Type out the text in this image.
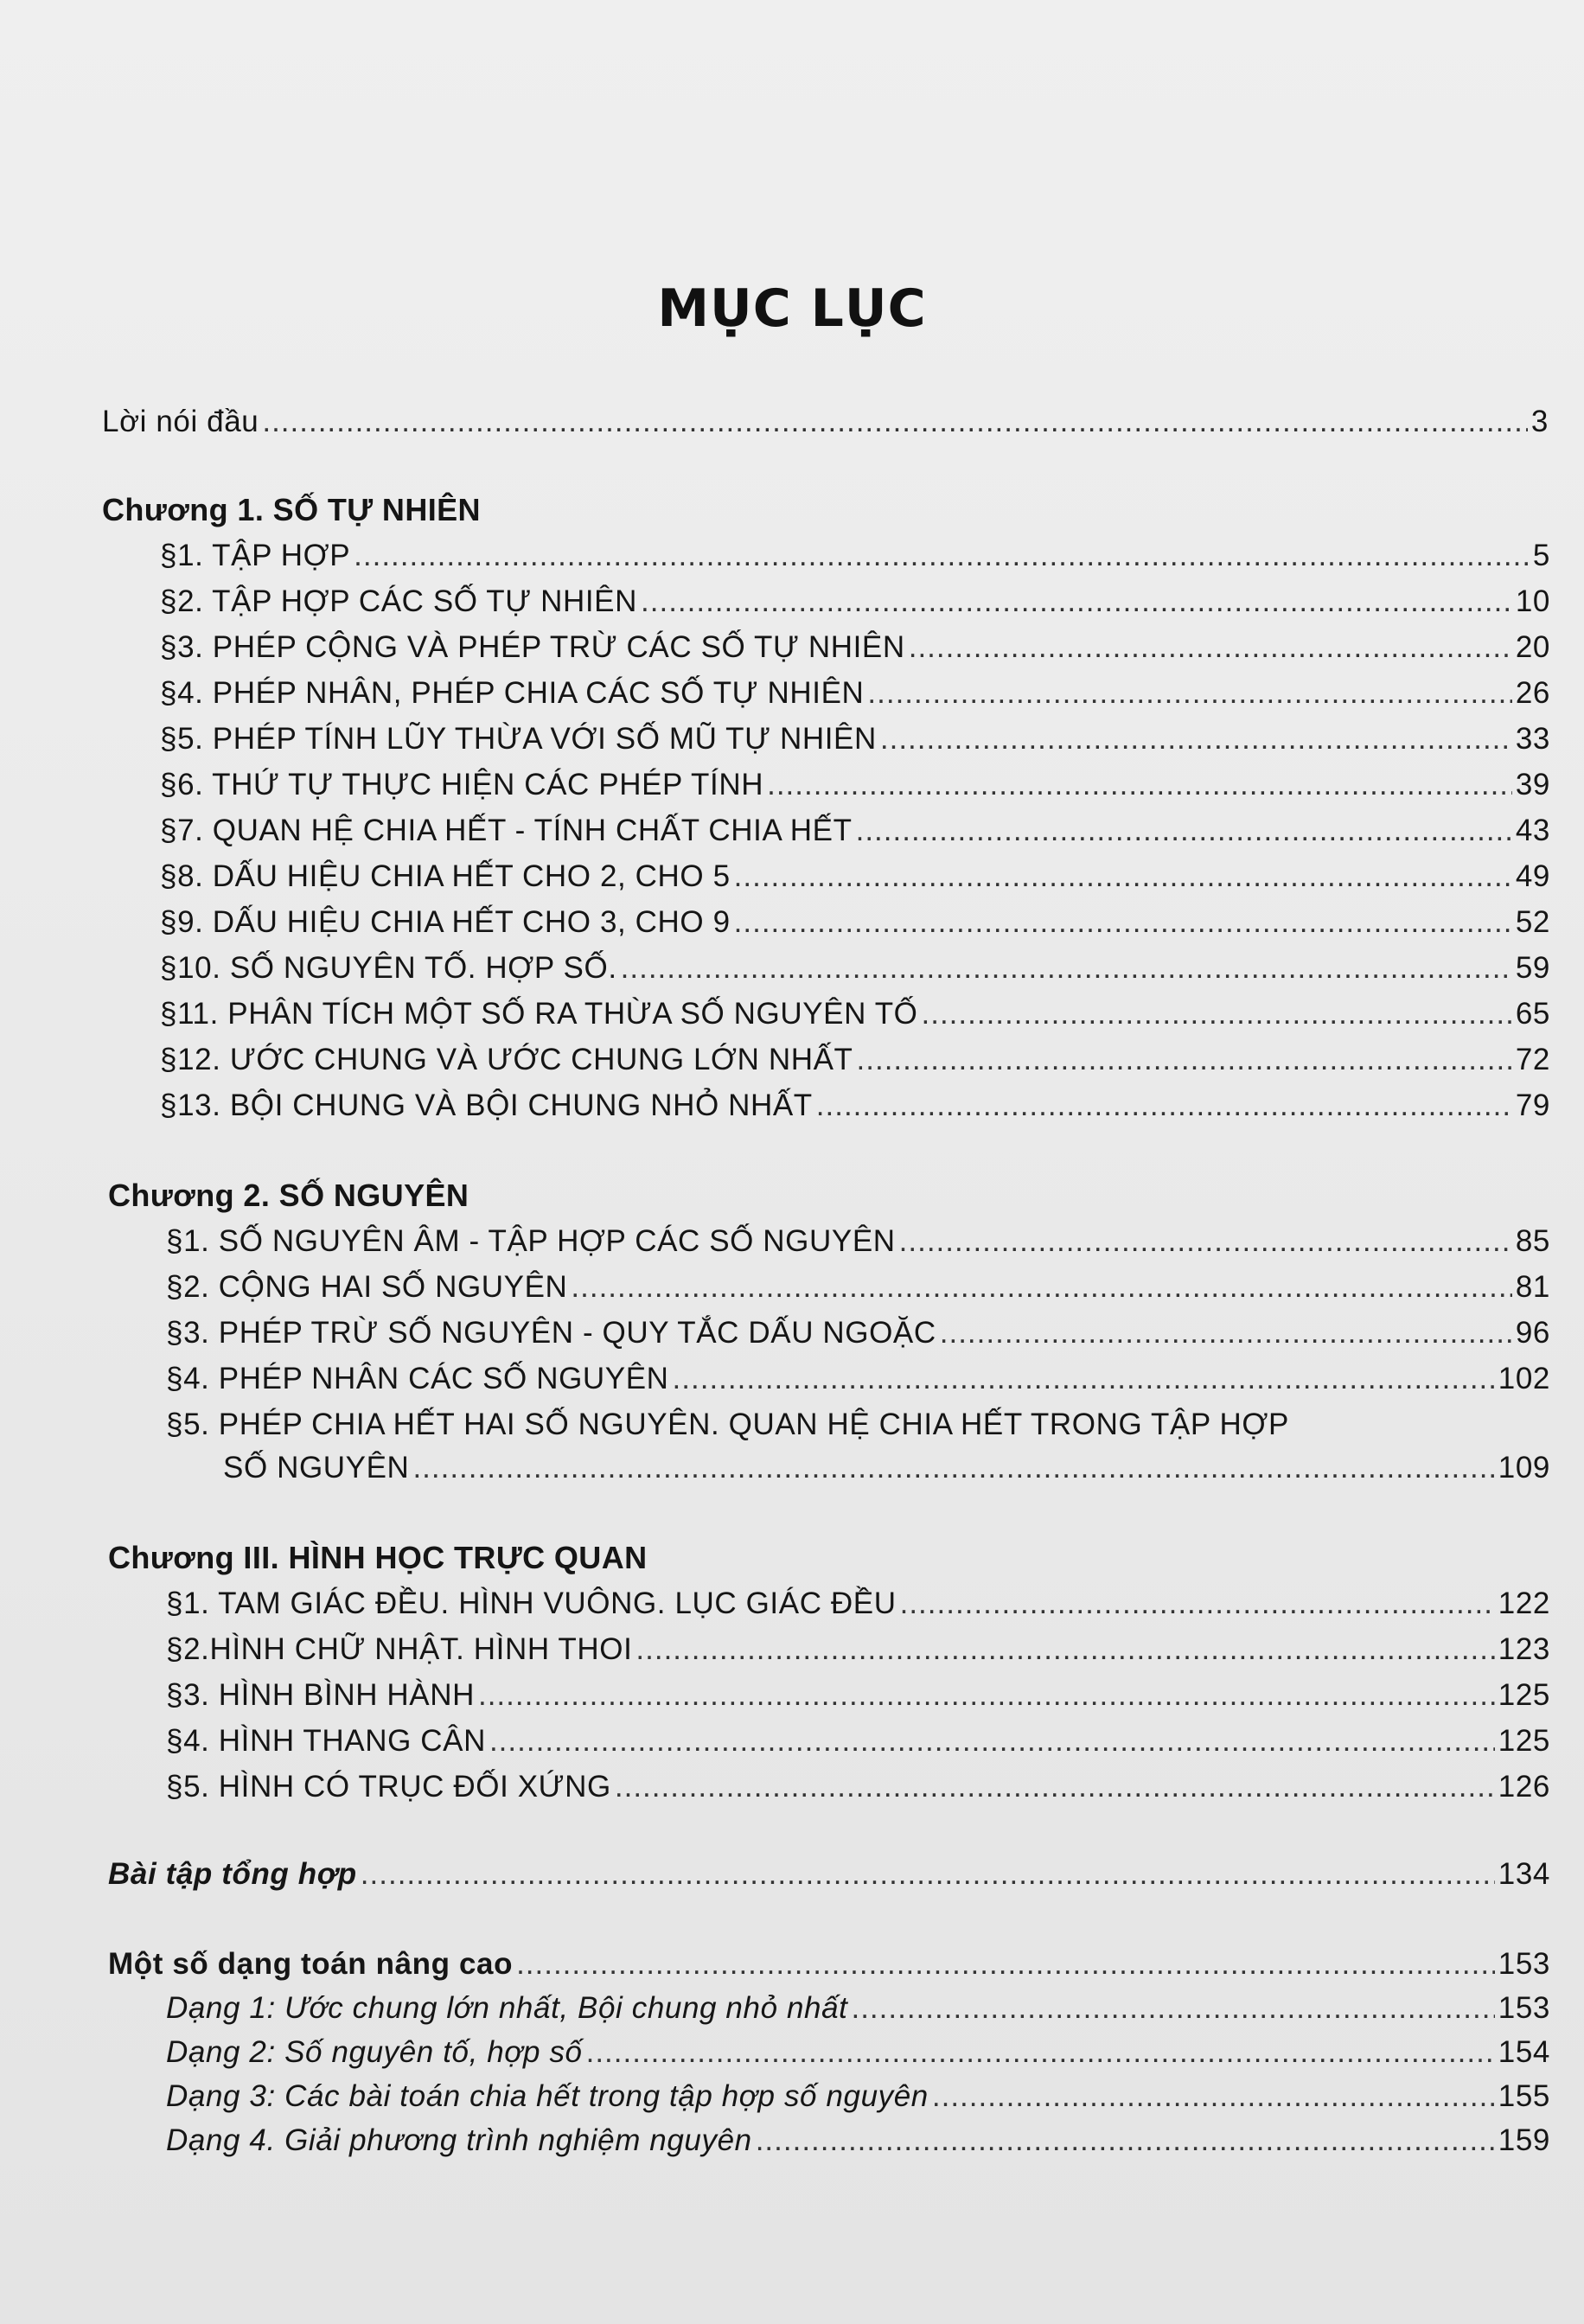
MỤC LỤC
Lời nói đầu .....	3
Chương 1. SỐ TỰ NHIÊN
§1. TẬP HỢP .....	5
§2. TẬP HỢP CÁC SỐ TỰ NHIÊN .....	10
§3. PHÉP CỘNG VÀ PHÉP TRỪ CÁC SỐ TỰ NHIÊN .....	20
§4. PHÉP NHÂN, PHÉP CHIA CÁC SỐ TỰ NHIÊN .....	26
§5. PHÉP TÍNH LŨY THỪA VỚI SỐ MŨ TỰ NHIÊN .....	33
§6. THỨ TỰ THỰC HIỆN CÁC PHÉP TÍNH .....	39
§7. QUAN HỆ CHIA HẾT - TÍNH CHẤT CHIA HẾT .....	43
§8. DẤU HIỆU CHIA HẾT CHO 2, CHO 5 .....	49
§9. DẤU HIỆU CHIA HẾT CHO 3, CHO 9 .....	52
§10. SỐ NGUYÊN TỐ. HỢP SỐ. .....	59
§11. PHÂN TÍCH MỘT SỐ RA THỪA SỐ NGUYÊN TỐ .....	65
§12. ƯỚC CHUNG VÀ ƯỚC CHUNG LỚN NHẤT .....	72
§13. BỘI CHUNG VÀ BỘI CHUNG NHỎ NHẤT .....	79
Chương 2. SỐ NGUYÊN
§1. SỐ NGUYÊN ÂM - TẬP HỢP CÁC SỐ NGUYÊN .....	85
§2. CỘNG HAI SỐ NGUYÊN .....	81
§3. PHÉP TRỪ SỐ NGUYÊN - QUY TẮC DẤU NGOẶC .....	96
§4. PHÉP NHÂN CÁC SỐ NGUYÊN .....	102
§5. PHÉP CHIA HẾT HAI SỐ NGUYÊN. QUAN HỆ CHIA HẾT TRONG TẬP HỢP
SỐ NGUYÊN .....	109
Chương III. HÌNH HỌC TRỰC QUAN
§1. TAM GIÁC ĐỀU. HÌNH VUÔNG. LỤC GIÁC ĐỀU .....	122
§2.HÌNH CHỮ NHẬT. HÌNH THOI .....	123
§3. HÌNH BÌNH HÀNH .....	125
§4. HÌNH THANG CÂN .....	125
§5. HÌNH CÓ TRỤC ĐỐI XỨNG .....	126
Bài tập tổng hợp .....	134
Một số dạng toán nâng cao .....	153
Dạng 1: Ước chung lớn nhất, Bội chung nhỏ nhất .....	153
Dạng 2: Số nguyên tố, hợp số .....	154
Dạng 3: Các bài toán chia hết trong tập hợp số nguyên .....	155
Dạng 4. Giải phương trình nghiệm nguyên .....	159
